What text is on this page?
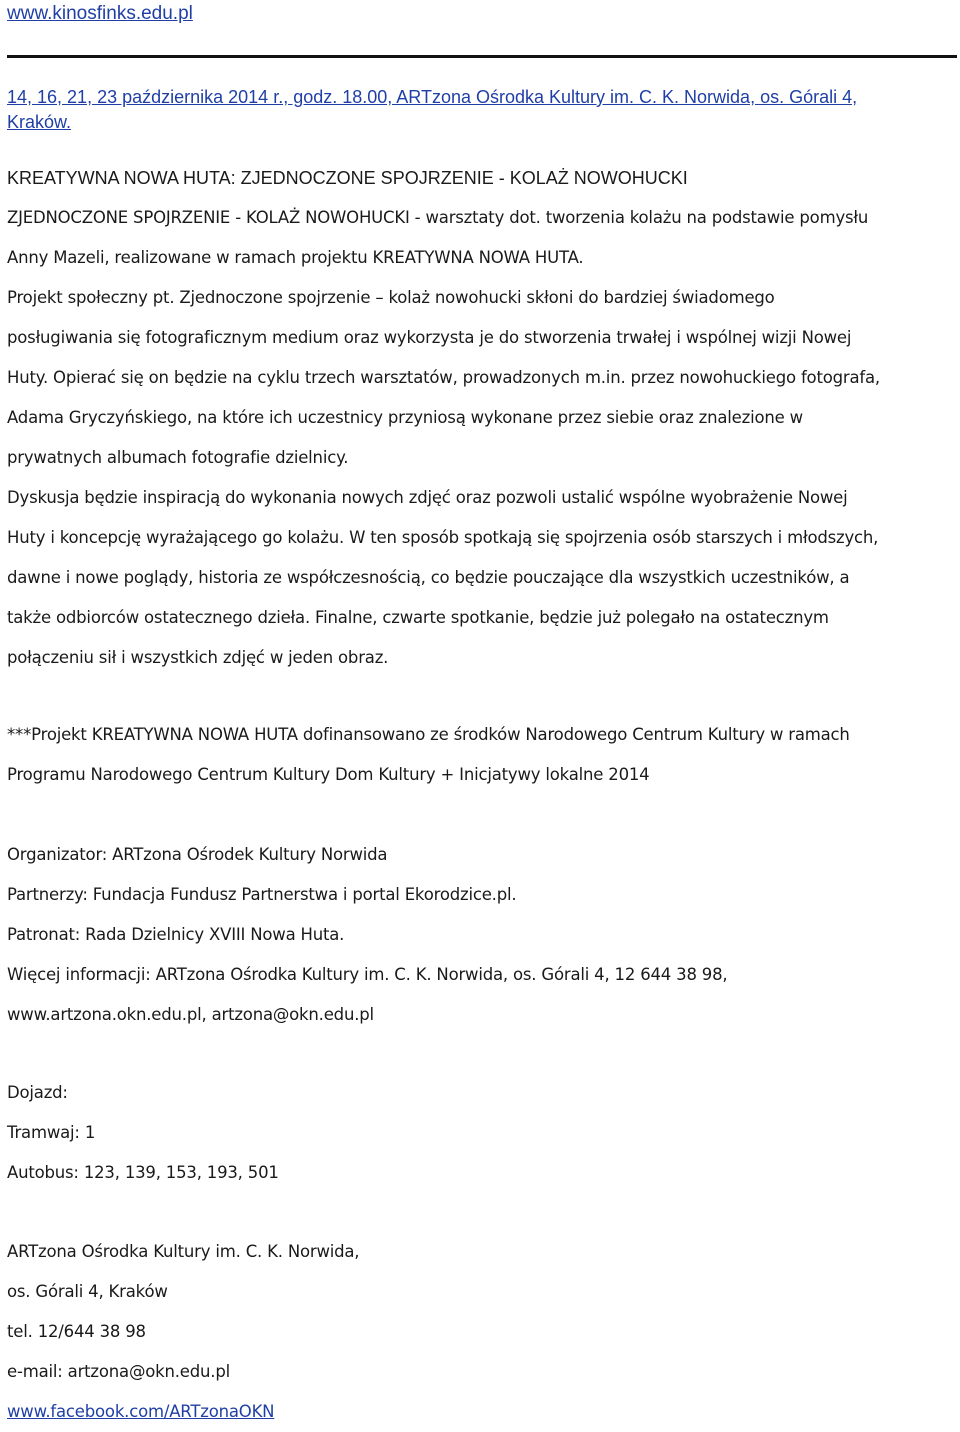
www.kinosfinks.edu.pl
14, 16, 21, 23 października 2014 r., godz. 18.00, ARTzona Ośrodka Kultury im. C. K. Norwida, os. Górali 4,
Kraków.
KREATYWNA NOWA HUTA: ZJEDNOCZONE SPOJRZENIE - KOLAŻ NOWOHUCKI
ZJEDNOCZONE SPOJRZENIE - KOLAŻ NOWOHUCKI - warsztaty dot. tworzenia kolażu na podstawie pomysłu
Anny Mazeli, realizowane w ramach projektu KREATYWNA NOWA HUTA.
Projekt społeczny pt. Zjednoczone spojrzenie – kolaż nowohucki skłoni do bardziej świadomego
posługiwania się fotograficznym medium oraz wykorzysta je do stworzenia trwałej i wspólnej wizji Nowej
Huty. Opierać się on będzie na cyklu trzech warsztatów, prowadzonych m.in. przez nowohuckiego fotografa,
Adama Gryczyńskiego, na które ich uczestnicy przyniosą wykonane przez siebie oraz znalezione w
prywatnych albumach fotografie dzielnicy.
Dyskusja będzie inspiracją do wykonania nowych zdjęć oraz pozwoli ustalić wspólne wyobrażenie Nowej
Huty i koncepcję wyrażającego go kolażu. W ten sposób spotkają się spojrzenia osób starszych i młodszych,
dawne i nowe poglądy, historia ze współczesnością, co będzie pouczające dla wszystkich uczestników, a
także odbiorców ostatecznego dzieła. Finalne, czwarte spotkanie, będzie już polegało na ostatecznym
połączeniu sił i wszystkich zdjęć w jeden obraz.
***Projekt KREATYWNA NOWA HUTA dofinansowano ze środków Narodowego Centrum Kultury w ramach
Programu Narodowego Centrum Kultury Dom Kultury + Inicjatywy lokalne 2014
Organizator: ARTzona Ośrodek Kultury Norwida
Partnerzy: Fundacja Fundusz Partnerstwa i portal Ekorodzice.pl.
Patronat: Rada Dzielnicy XVIII Nowa Huta.
Więcej informacji: ARTzona Ośrodka Kultury im. C. K. Norwida, os. Górali 4, 12 644 38 98,
www.artzona.okn.edu.pl, artzona@okn.edu.pl
Dojazd:
Tramwaj: 1
Autobus: 123, 139, 153, 193, 501
ARTzona Ośrodka Kultury im. C. K. Norwida,
os. Górali 4, Kraków
tel. 12/644 38 98
e-mail: artzona@okn.edu.pl
www.facebook.com/ARTzonaOKN
